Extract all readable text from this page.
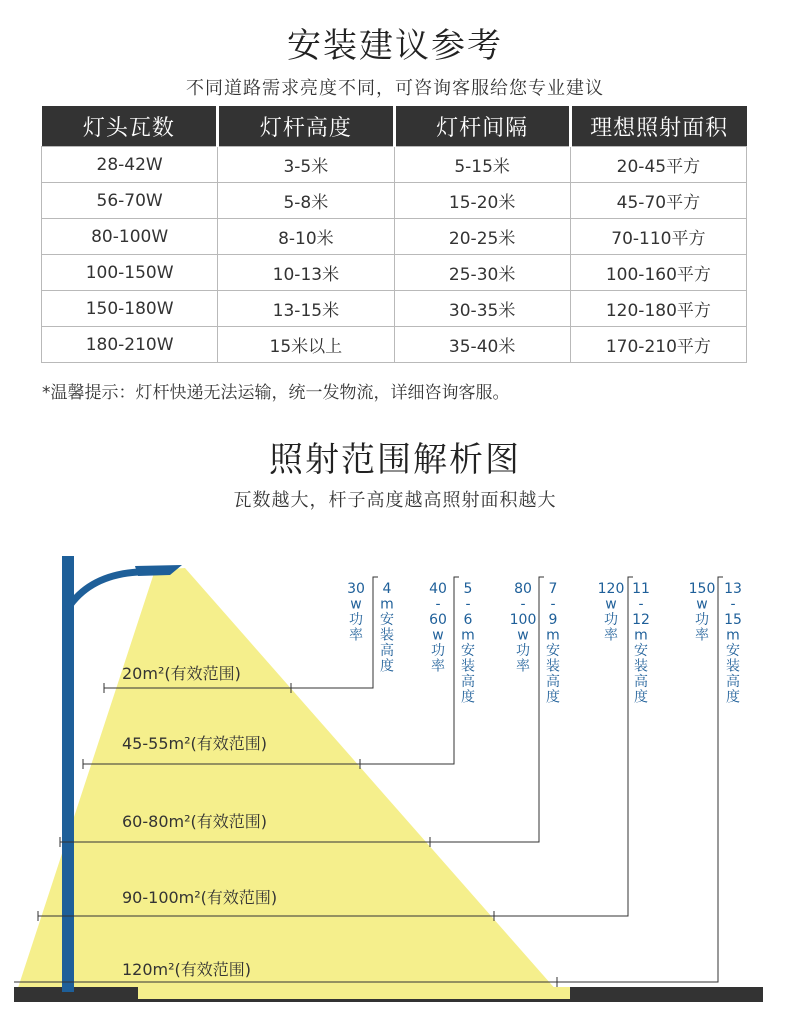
安装建议参考
不同道路需求亮度不同，可咨询客服给您专业建议
灯头瓦数	灯杆高度	灯杆间隔	理想照射面积
28-42W	3-5米	5-15米	20-45平方
56-70W	5-8米	15-20米	45-70平方
80-100W	8-10米	20-25米	70-110平方
100-150W	10-13米	25-30米	100-160平方
150-180W	13-15米	30-35米	120-180平方
180-210W	15米以上	35-40米	170-210平方
*温馨提示：灯杆快递无法运输，统一发物流，详细咨询客服。
照射范围解析图
瓦数越大，杆子高度越高照射面积越大
20m²(有效范围)
45-55m²(有效范围)
60-80m²(有效范围)
90-100m²(有效范围)
120m²(有效范围)
30
w
功
率
4
m
安
装
高
度
40
-
60
w
功
率
5
-
6
m
安
装
高
度
80
-
100
w
功
率
7
-
9
m
安
装
高
度
120
w
功
率
11
-
12
m
安
装
高
度
150
w
功
率
13
-
15
m
安
装
高
度
